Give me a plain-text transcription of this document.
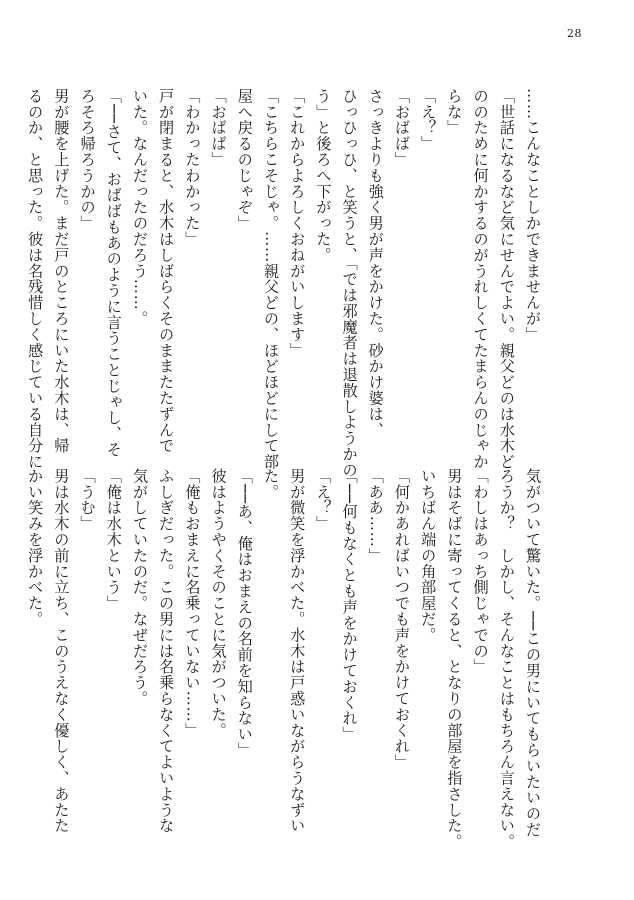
28
……こんなことしかできませんが」
「世話になるなど気にせんでよい。親父どのは水木ど
ののために何かするのがうれしくてたまらんのじゃか
らな」
「え？」
「おばば」
さっきよりも強く男が声をかけた。砂かけ婆は、
ひっひっひ、と笑うと、「では邪魔者は退散しようかの
う」と後ろへ下がった。
「これからよろしくおねがいします」
「こちらこそじゃ。……親父どの、ほどほどにして部
屋へ戻るのじゃぞ」
「おばば」
「わかったわかった」
戸が閉まると、水木はしばらくそのままたたずんで
いた。なんだったのだろう……。
「──さて、おばばもあのように言うことじゃし、そ
ろそろ帰ろうかの」
男が腰を上げた。まだ戸のところにいた水木は、帰
るのか、と思った。彼は名残惜しく感じている自分に
気がついて驚いた。──この男にいてもらいたいのだ
ろうか？　しかし、そんなことはもちろん言えない。
「わしはあっち側じゃでの」
男はそばに寄ってくると、となりの部屋を指さした。
いちばん端の角部屋だ。
「何かあればいつでも声をかけておくれ」
「ああ……」
「──何もなくとも声をかけておくれ」
「え？」
男が微笑を浮かべた。水木は戸惑いながらうなずい
た。
「──あ、俺はおまえの名前を知らない」
彼はようやくそのことに気がついた。
「俺もおまえに名乗っていない……」
ふしぎだった。この男には名乗らなくてよいような
気がしていたのだ。なぜだろう。
「俺は水木という」
「うむ」
男は水木の前に立ち、このうえなく優しく、あたた
かい笑みを浮かべた。
